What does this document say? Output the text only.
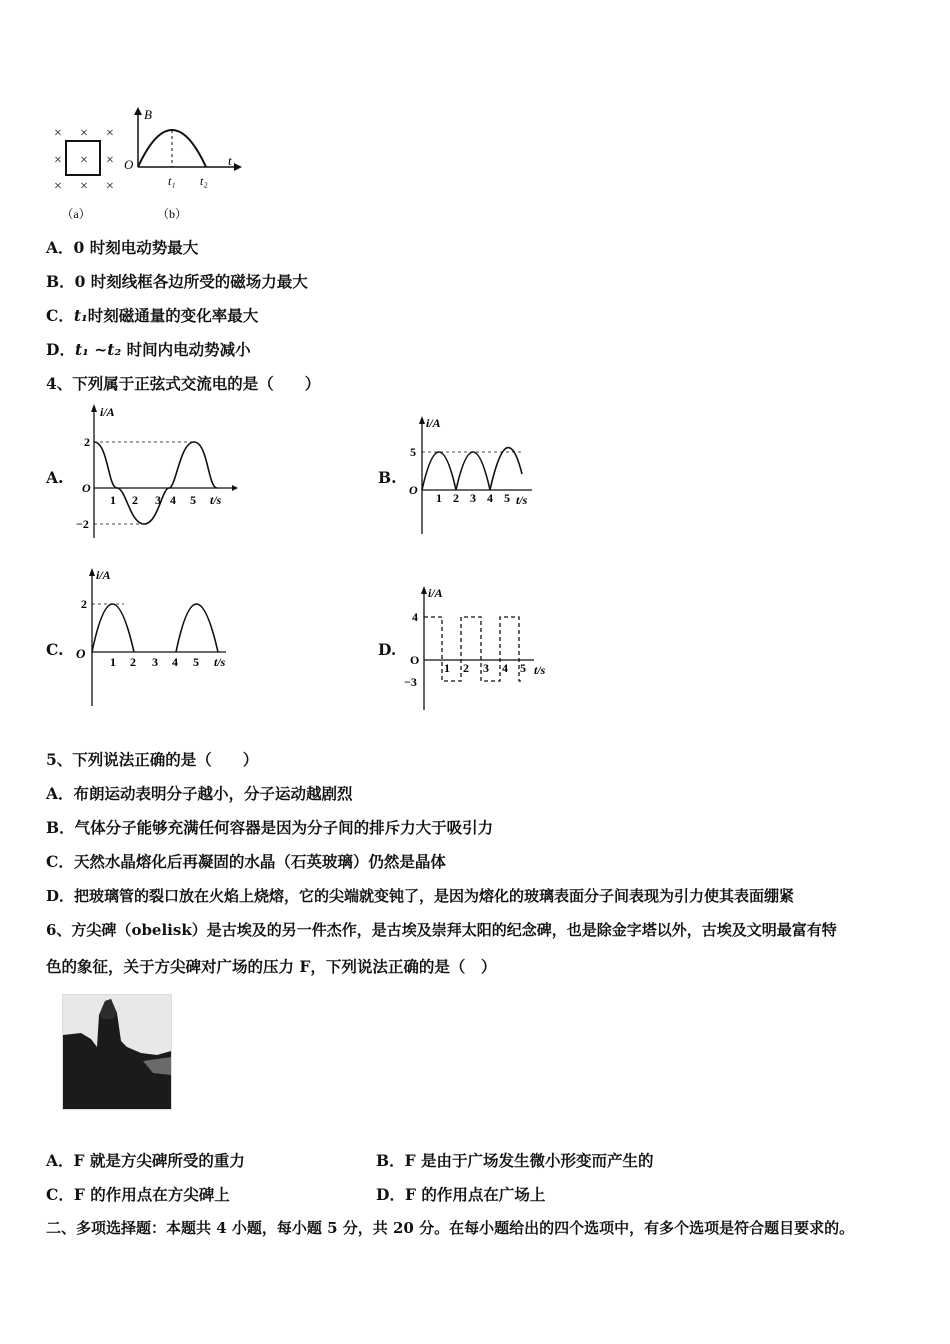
× × ×
× × ×
× × ×
（a）
B
t
O
t₁ t₂
（b）
A．0 时刻电动势最大
B．0 时刻线框各边所受的磁场力最大
C．t₁时刻磁通量的变化率最大
D．t₁ ~t₂ 时间内电动势减小
4、下列属于正弦式交流电的是（　　）
A.	B.
C.	D.
i/A
t/s
O
2
−2
1 2 3 4 5
i/A
t/s
O
5
1 2 3 4 5
i/A
t/s
O
2
1 2 3 4 5
i/A
t/s
O
4
−3
1 2 3 4 5
5、下列说法正确的是（　　）
A．布朗运动表明分子越小，分子运动越剧烈
B．气体分子能够充满任何容器是因为分子间的排斥力大于吸引力
C．天然水晶熔化后再凝固的水晶（石英玻璃）仍然是晶体
D．把玻璃管的裂口放在火焰上烧熔，它的尖端就变钝了，是因为熔化的玻璃表面分子间表现为引力使其表面绷紧
6、方尖碑（obelisk）是古埃及的另一件杰作，是古埃及崇拜太阳的纪念碑，也是除金字塔以外，古埃及文明最富有特
色的象征，关于方尖碑对广场的压力 F，下列说法正确的是（　）
A．F 就是方尖碑所受的重力	B．F 是由于广场发生微小形变而产生的
C．F 的作用点在方尖碑上	D．F 的作用点在广场上
二、多项选择题：本题共 4 小题，每小题 5 分，共 20 分。在每小题给出的四个选项中，有多个选项是符合题目要求的。
